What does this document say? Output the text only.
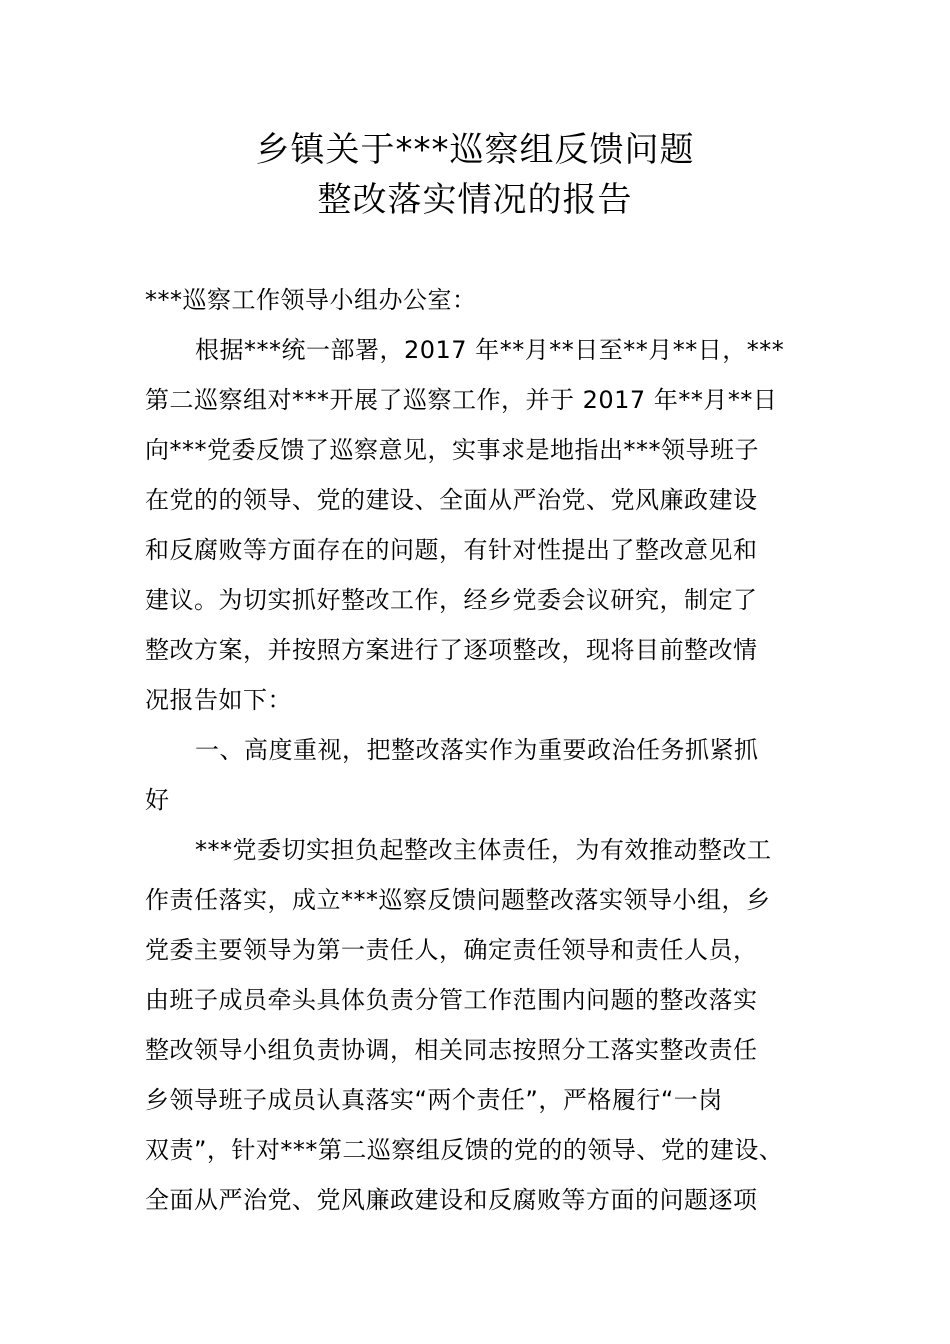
乡镇关于***巡察组反馈问题
整改落实情况的报告
***巡察工作领导小组办公室：
根据***统一部署，2017 年**月**日至**月**日，***
第二巡察组对***开展了巡察工作，并于 2017 年**月**日
向***党委反馈了巡察意见，实事求是地指出***领导班子
在党的的领导、党的建设、全面从严治党、党风廉政建设
和反腐败等方面存在的问题，有针对性提出了整改意见和
建议。为切实抓好整改工作，经乡党委会议研究，制定了
整改方案，并按照方案进行了逐项整改，现将目前整改情
况报告如下：
一、高度重视，把整改落实作为重要政治任务抓紧抓
好
***党委切实担负起整改主体责任，为有效推动整改工
作责任落实，成立***巡察反馈问题整改落实领导小组，乡
党委主要领导为第一责任人，确定责任领导和责任人员，
由班子成员牵头具体负责分管工作范围内问题的整改落实
整改领导小组负责协调，相关同志按照分工落实整改责任
乡领导班子成员认真落实“两个责任”，严格履行“一岗
双责”，针对***第二巡察组反馈的党的的领导、党的建设、
全面从严治党、党风廉政建设和反腐败等方面的问题逐项
